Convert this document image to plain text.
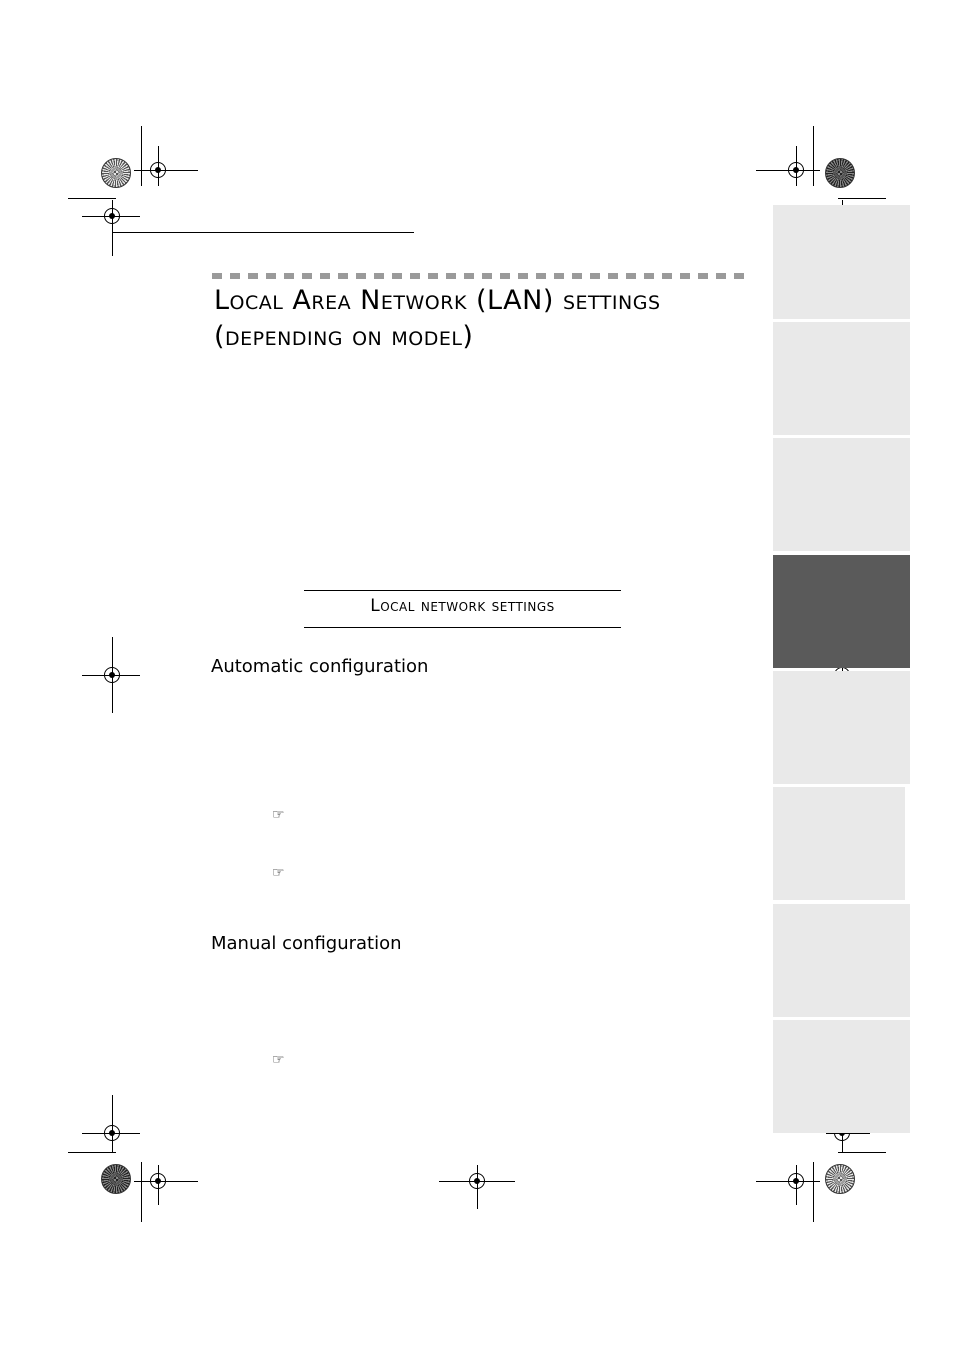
Local Area Network (LAN) settings
(depending on model)
Local network settings
Automatic configuration
Manual configuration
☞
☞
☞
